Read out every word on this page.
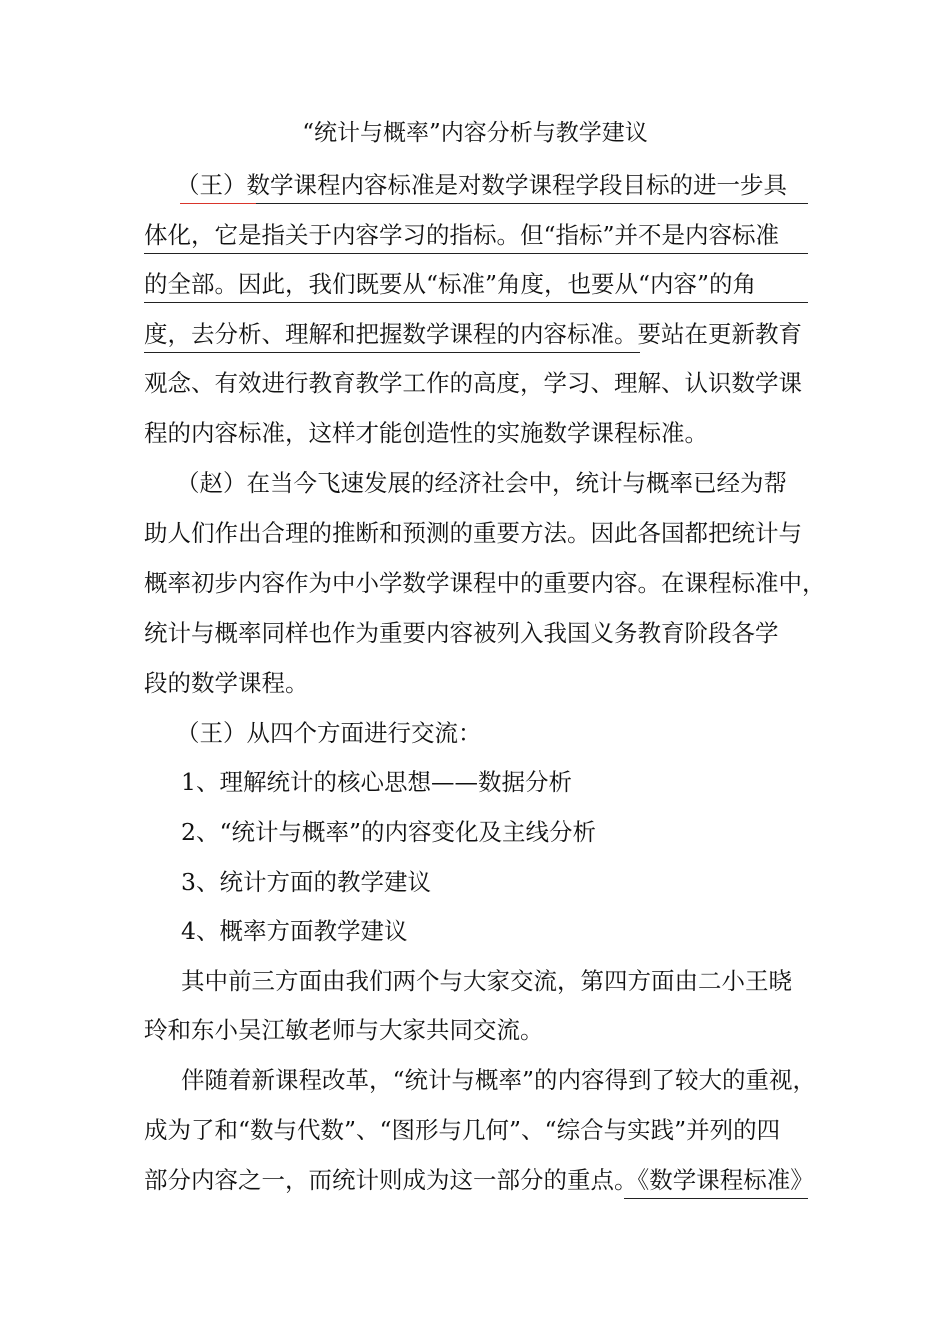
“统计与概率”内容分析与教学建议
（王）数学课程内容标准是对数学课程学段目标的进一步具
体化，它是指关于内容学习的指标。但“指标”并不是内容标准
的全部。因此，我们既要从“标准”角度，也要从“内容”的角
度，去分析、理解和把握数学课程的内容标准。要站在更新教育
观念、有效进行教育教学工作的高度，学习、理解、认识数学课
程的内容标准，这样才能创造性的实施数学课程标准。
（赵）在当今飞速发展的经济社会中，统计与概率已经为帮
助人们作出合理的推断和预测的重要方法。因此各国都把统计与
概率初步内容作为中小学数学课程中的重要内容。在课程标准中，
统计与概率同样也作为重要内容被列入我国义务教育阶段各学
段的数学课程。
（王）从四个方面进行交流：
1、理解统计的核心思想——数据分析
2、“统计与概率”的内容变化及主线分析
3、统计方面的教学建议
4、概率方面教学建议
其中前三方面由我们两个与大家交流，第四方面由二小王晓
玲和东小吴江敏老师与大家共同交流。
伴随着新课程改革，“统计与概率”的内容得到了较大的重视，
成为了和“数与代数”、“图形与几何”、“综合与实践”并列的四
部分内容之一，而统计则成为这一部分的重点。《数学课程标准》
